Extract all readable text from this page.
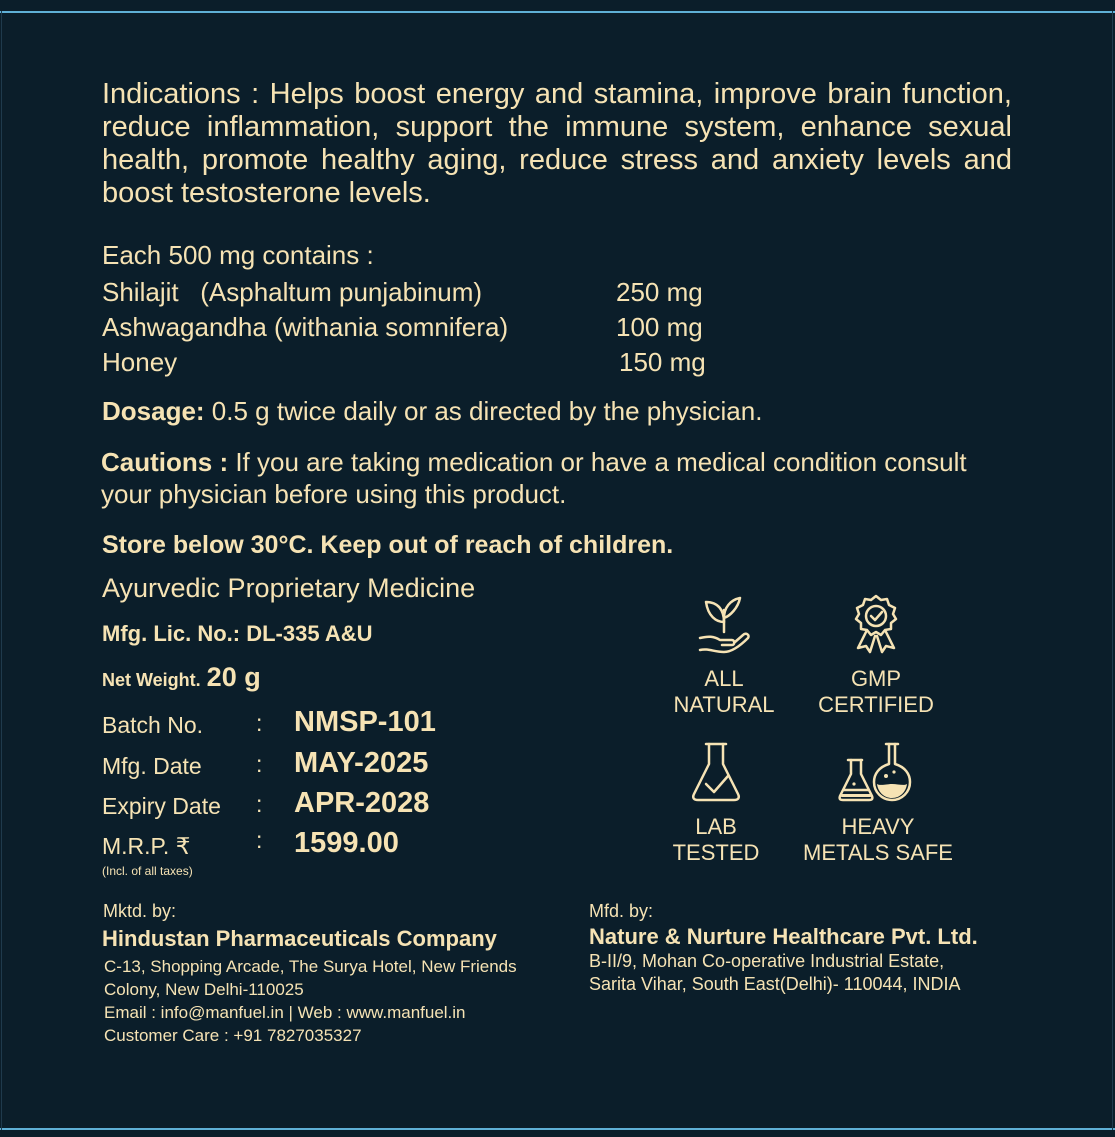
Indications : Helps boost energy and stamina, improve brain function, reduce inflammation, support the immune system, enhance sexual health, promote healthy aging, reduce stress and anxiety levels and boost testosterone levels.
Each 500 mg contains :
Shilajit   (Asphaltum punjabinum)	250 mg
Ashwagandha (withania somnifera)	100 mg
Honey	150 mg
Dosage: 0.5 g twice daily or as directed by the physician.
Cautions : If you are taking medication or have a medical condition consult your physician before using this product.
Store below 30°C. Keep out of reach of children.
Ayurvedic Proprietary Medicine
Mfg. Lic. No.: DL-335 A&U
Net Weight. 20 g
Batch No. : NMSP-101
Mfg. Date : MAY-2025
Expiry Date : APR-2028
M.R.P. ₹	: 1599.00
(Incl. of all taxes)
ALL
NATURAL
GMP
CERTIFIED
LAB
TESTED
HEAVY
METALS SAFE
Mktd. by:
Hindustan Pharmaceuticals Company
C-13, Shopping Arcade, The Surya Hotel, New Friends
Colony, New Delhi-110025
Email : info@manfuel.in | Web : www.manfuel.in
Customer Care : +91 7827035327
Mfd. by:
Nature & Nurture Healthcare Pvt. Ltd.
B-II/9, Mohan Co-operative Industrial Estate,
Sarita Vihar, South East(Delhi)- 110044, INDIA
